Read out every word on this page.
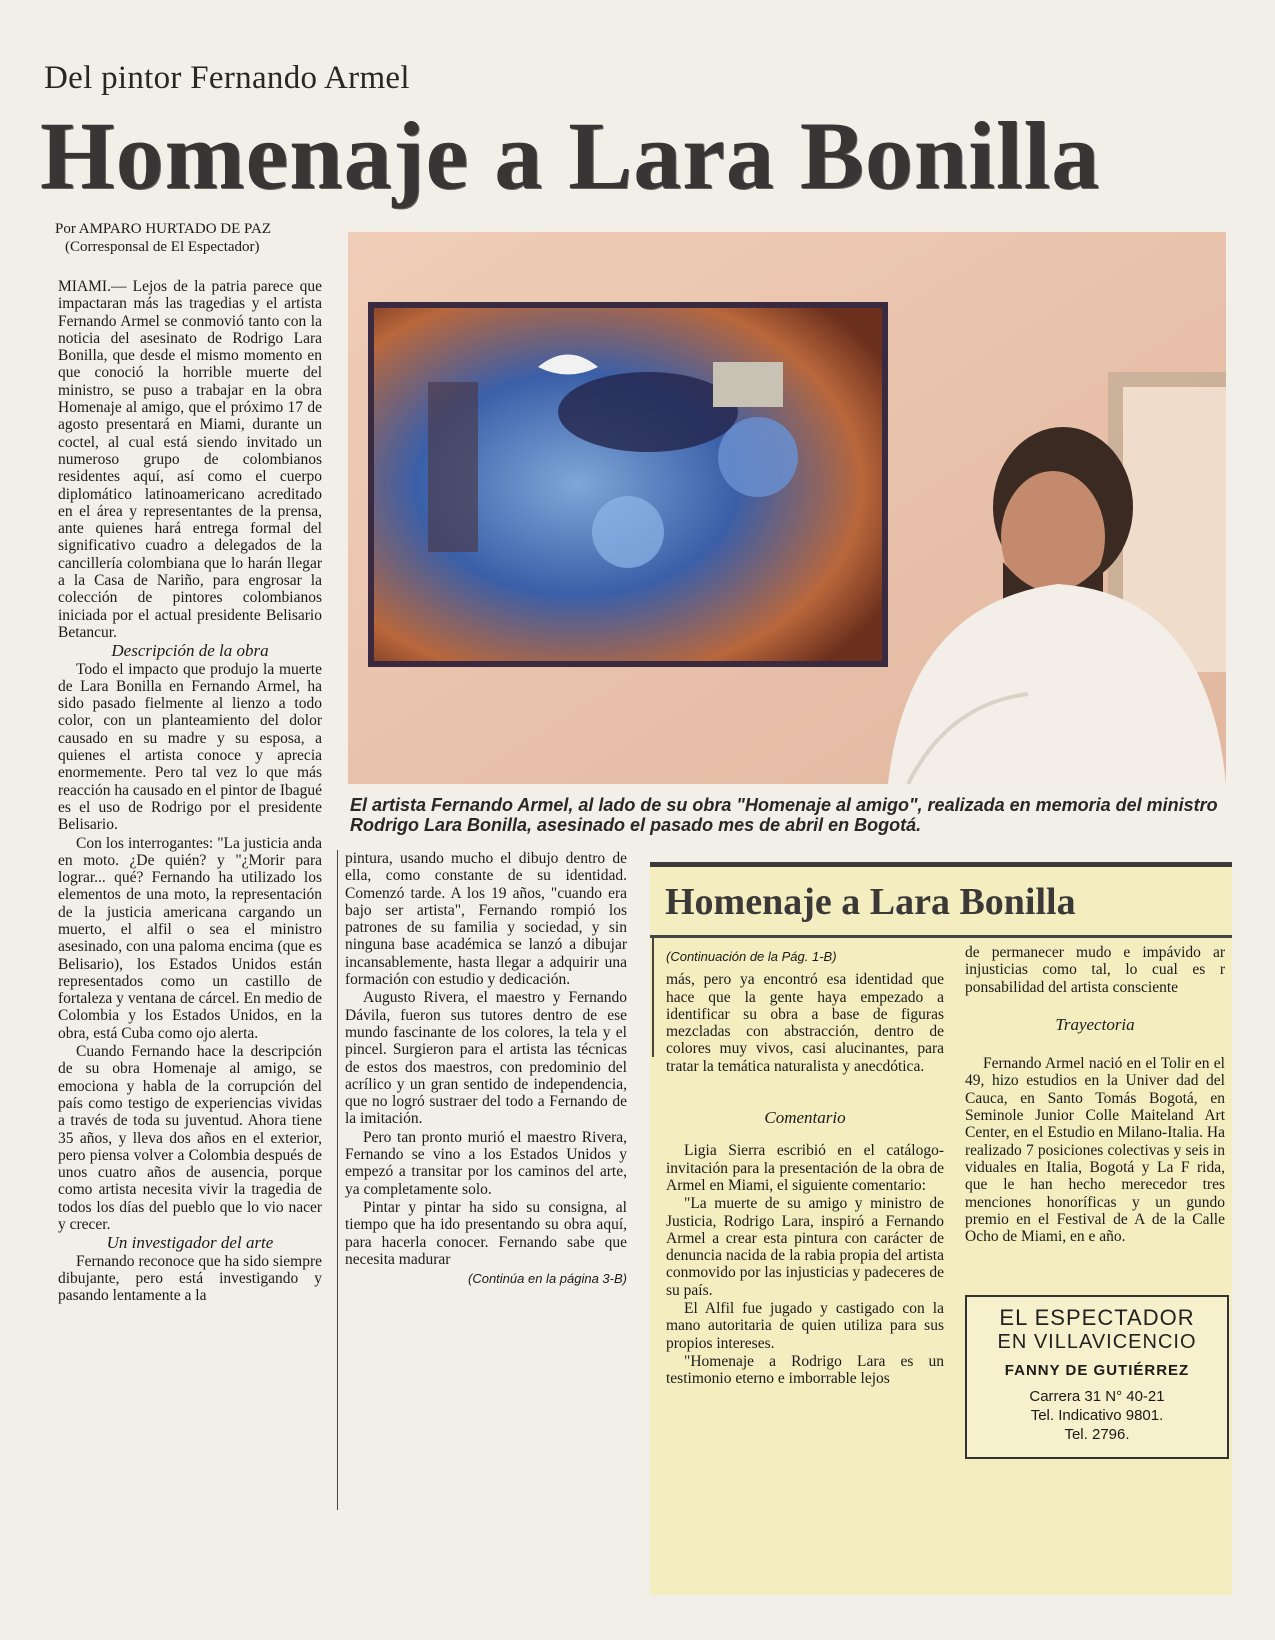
Del pintor Fernando Armel
Homenaje a Lara Bonilla
Por AMPARO HURTADO DE PAZ
(Corresponsal de El Espectador)

MIAMI.— Lejos de la patria parece que impactaran más las tragedias y el artista Fernando Armel se conmovió tanto con la noticia del asesinato de Rodrigo Lara Bonilla, que desde el mismo momento en que conoció la horrible muerte del ministro, se puso a trabajar en la obra Homenaje al amigo, que el próximo 17 de agosto presentará en Miami, durante un coctel, al cual está siendo invitado un numeroso grupo de colombianos residentes aquí, así como el cuerpo diplomático latinoamericano acreditado en el área y representantes de la prensa, ante quienes hará entrega formal del significativo cuadro a delegados de la cancillería colombiana que lo harán llegar a la Casa de Nariño, para engrosar la colección de pintores colombianos iniciada por el actual presidente Belisario Betancur.

Descripción de la obra

Todo el impacto que produjo la muerte de Lara Bonilla en Fernando Armel, ha sido pasado fielmente al lienzo a todo color, con un planteamiento del dolor causado en su madre y su esposa, a quienes el artista conoce y aprecia enormemente. Pero tal vez lo que más reacción ha causado en el pintor de Ibagué es el uso de Rodrigo por el presidente Belisario.

Con los interrogantes: "La justicia anda en moto. ¿De quién? y "¿Morir para lograr... qué? Fernando ha utilizado los elementos de una moto, la representación de la justicia americana cargando un muerto, el alfil o sea el ministro asesinado, con una paloma encima (que es Belisario), los Estados Unidos están representados como un castillo de fortaleza y ventana de cárcel. En medio de Colombia y los Estados Unidos, en la obra, está Cuba como ojo alerta.

Cuando Fernando hace la descripción de su obra Homenaje al amigo, se emociona y habla de la corrupción del país como testigo de experiencias vividas a través de toda su juventud. Ahora tiene 35 años, y lleva dos años en el exterior, pero piensa volver a Colombia después de unos cuatro años de ausencia, porque como artista necesita vivir la tragedia de todos los días del pueblo que lo vio nacer y crecer.

Un investigador del arte

Fernando reconoce que ha sido siempre dibujante, pero está investigando y pasando lentamente a la

El artista Fernando Armel, al lado de su obra "Homenaje al amigo", realizada en memoria del ministro Rodrigo Lara Bonilla, asesinado el pasado mes de abril en Bogotá.

pintura, usando mucho el dibujo dentro de ella, como constante de su identidad. Comenzó tarde. A los 19 años, "cuando era bajo ser artista", Fernando rompió los patrones de su familia y sociedad, y sin ninguna base académica se lanzó a dibujar incansablemente, hasta llegar a adquirir una formación con estudio y dedicación.

Augusto Rivera, el maestro y Fernando Dávila, fueron sus tutores dentro de ese mundo fascinante de los colores, la tela y el pincel. Surgieron para el artista las técnicas de estos dos maestros, con predominio del acrílico y un gran sentido de independencia, que no logró sustraer del todo a Fernando de la imitación.

Pero tan pronto murió el maestro Rivera, Fernando se vino a los Estados Unidos y empezó a transitar por los caminos del arte, ya completamente solo.

Pintar y pintar ha sido su consigna, al tiempo que ha ido presentando su obra aquí, para hacerla conocer. Fernando sabe que necesita madurar

(Continúa en la página 3-B)
Homenaje a Lara Bonilla
(Continuación de la Pág. 1-B)

más, pero ya encontró esa identidad que hace que la gente haya empezado a identificar su obra a base de figuras mezcladas con abstracción, dentro de colores muy vivos, casi alucinantes, para tratar la temática naturalista y anecdótica.

Comentario

Ligia Sierra escribió en el catálogo-invitación para la presentación de la obra de Armel en Miami, el siguiente comentario:

"La muerte de su amigo y ministro de Justicia, Rodrigo Lara, inspiró a Fernando Armel a crear esta pintura con carácter de denuncia nacida de la rabia propia del artista conmovido por las injusticias y padeceres de su país.

El Alfil fue jugado y castigado con la mano autoritaria de quien utiliza para sus propios intereses.

"Homenaje a Rodrigo Lara es un testimonio eterno e imborrable lejos

de permanecer mudo e impávido ar injusticias como tal, lo cual es r ponsabilidad del artista consciente

Trayectoria

Fernando Armel nació en el Tolir en el 49, hizo estudios en la Univer dad del Cauca, en Santo Tomás Bogotá, en Seminole Junior Colle Maiteland Art Center, en el Estudio en Milano-Italia. Ha realizado 7 posiciones colectivas y seis in viduales en Italia, Bogotá y La F rida, que le han hecho merecedor tres menciones honoríficas y un gundo premio en el Festival de A de la Calle Ocho de Miami, en e año.

EL ESPECTADOR
EN VILLAVICENCIO
FANNY DE GUTIÉRREZ
Carrera 31 N° 40-21
Tel. Indicativo 9801.
Tel. 2796.
